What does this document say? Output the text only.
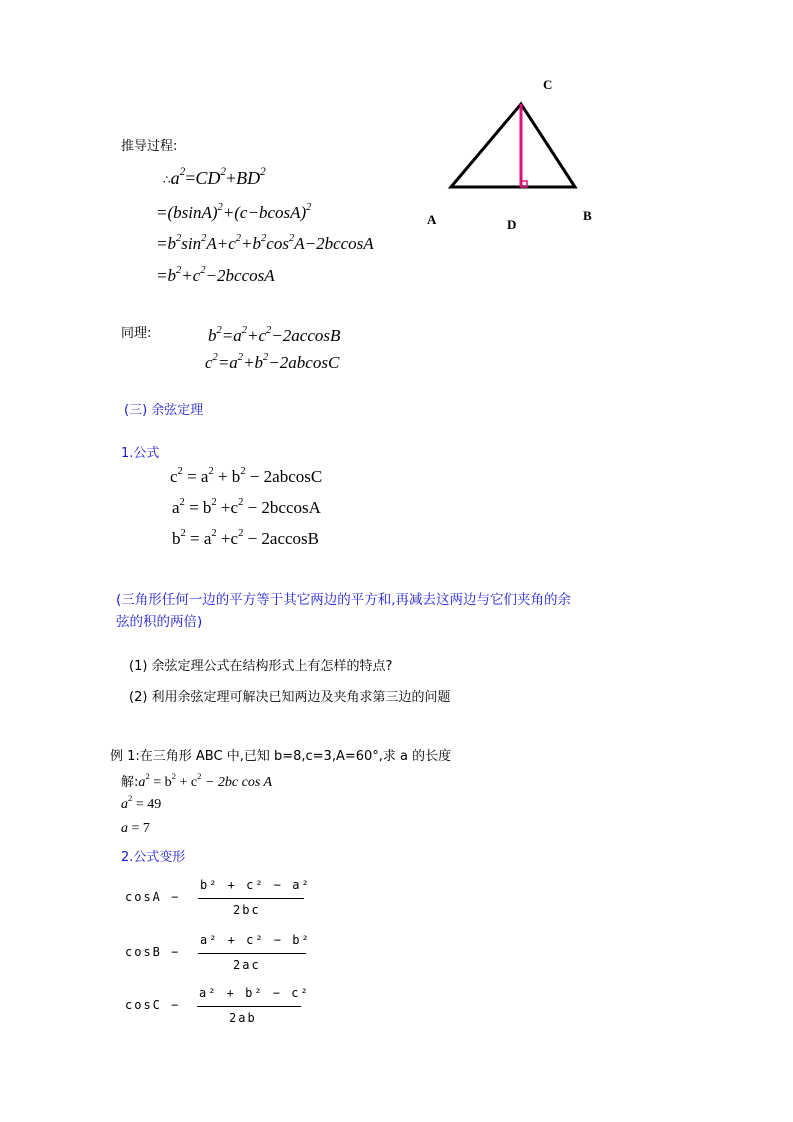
C
A	D
B
推导过程:
$\therefore a^2=CD^2+BD^2$
$=(bsinA)^2+(c-bcosA)^2$
$=b^2\sin^2A+c^2+b^2\cos^2A-2bccosA$
$=b^2+c^2-2bccosA$
同理:	$b^2=a^2+c^2-2accosB$
$c^2=a^2+b^2-2abcosC$
(三) 余弦定理
1.公式
$c^2 = a^2 + b^2 - 2abcosC$
$a^2 = b^2 +c^2 - 2bccosA$
$b^2 = a^2 +c^2 - 2accosB$
(三角形任何一边的平方等于其它两边的平方和,再减去这两边与它们夹角的余
弦的积的两倍)
(1) 余弦定理公式在结构形式上有怎样的特点?
(2) 利用余弦定理可解决已知两边及夹角求第三边的问题
例 1:在三角形 ABC 中,已知 b=8,c=3,A=60°,求 a 的长度
解$:a^2 = b^2 + c^2 - 2bc$ cos A
$a^2 = 49$
a = 7
2.公式变形
cosA −
b² + c² − a²
2bc
cosB −
a² + c² − b²
2ac
cosC −
a² + b² − c²
2ab
